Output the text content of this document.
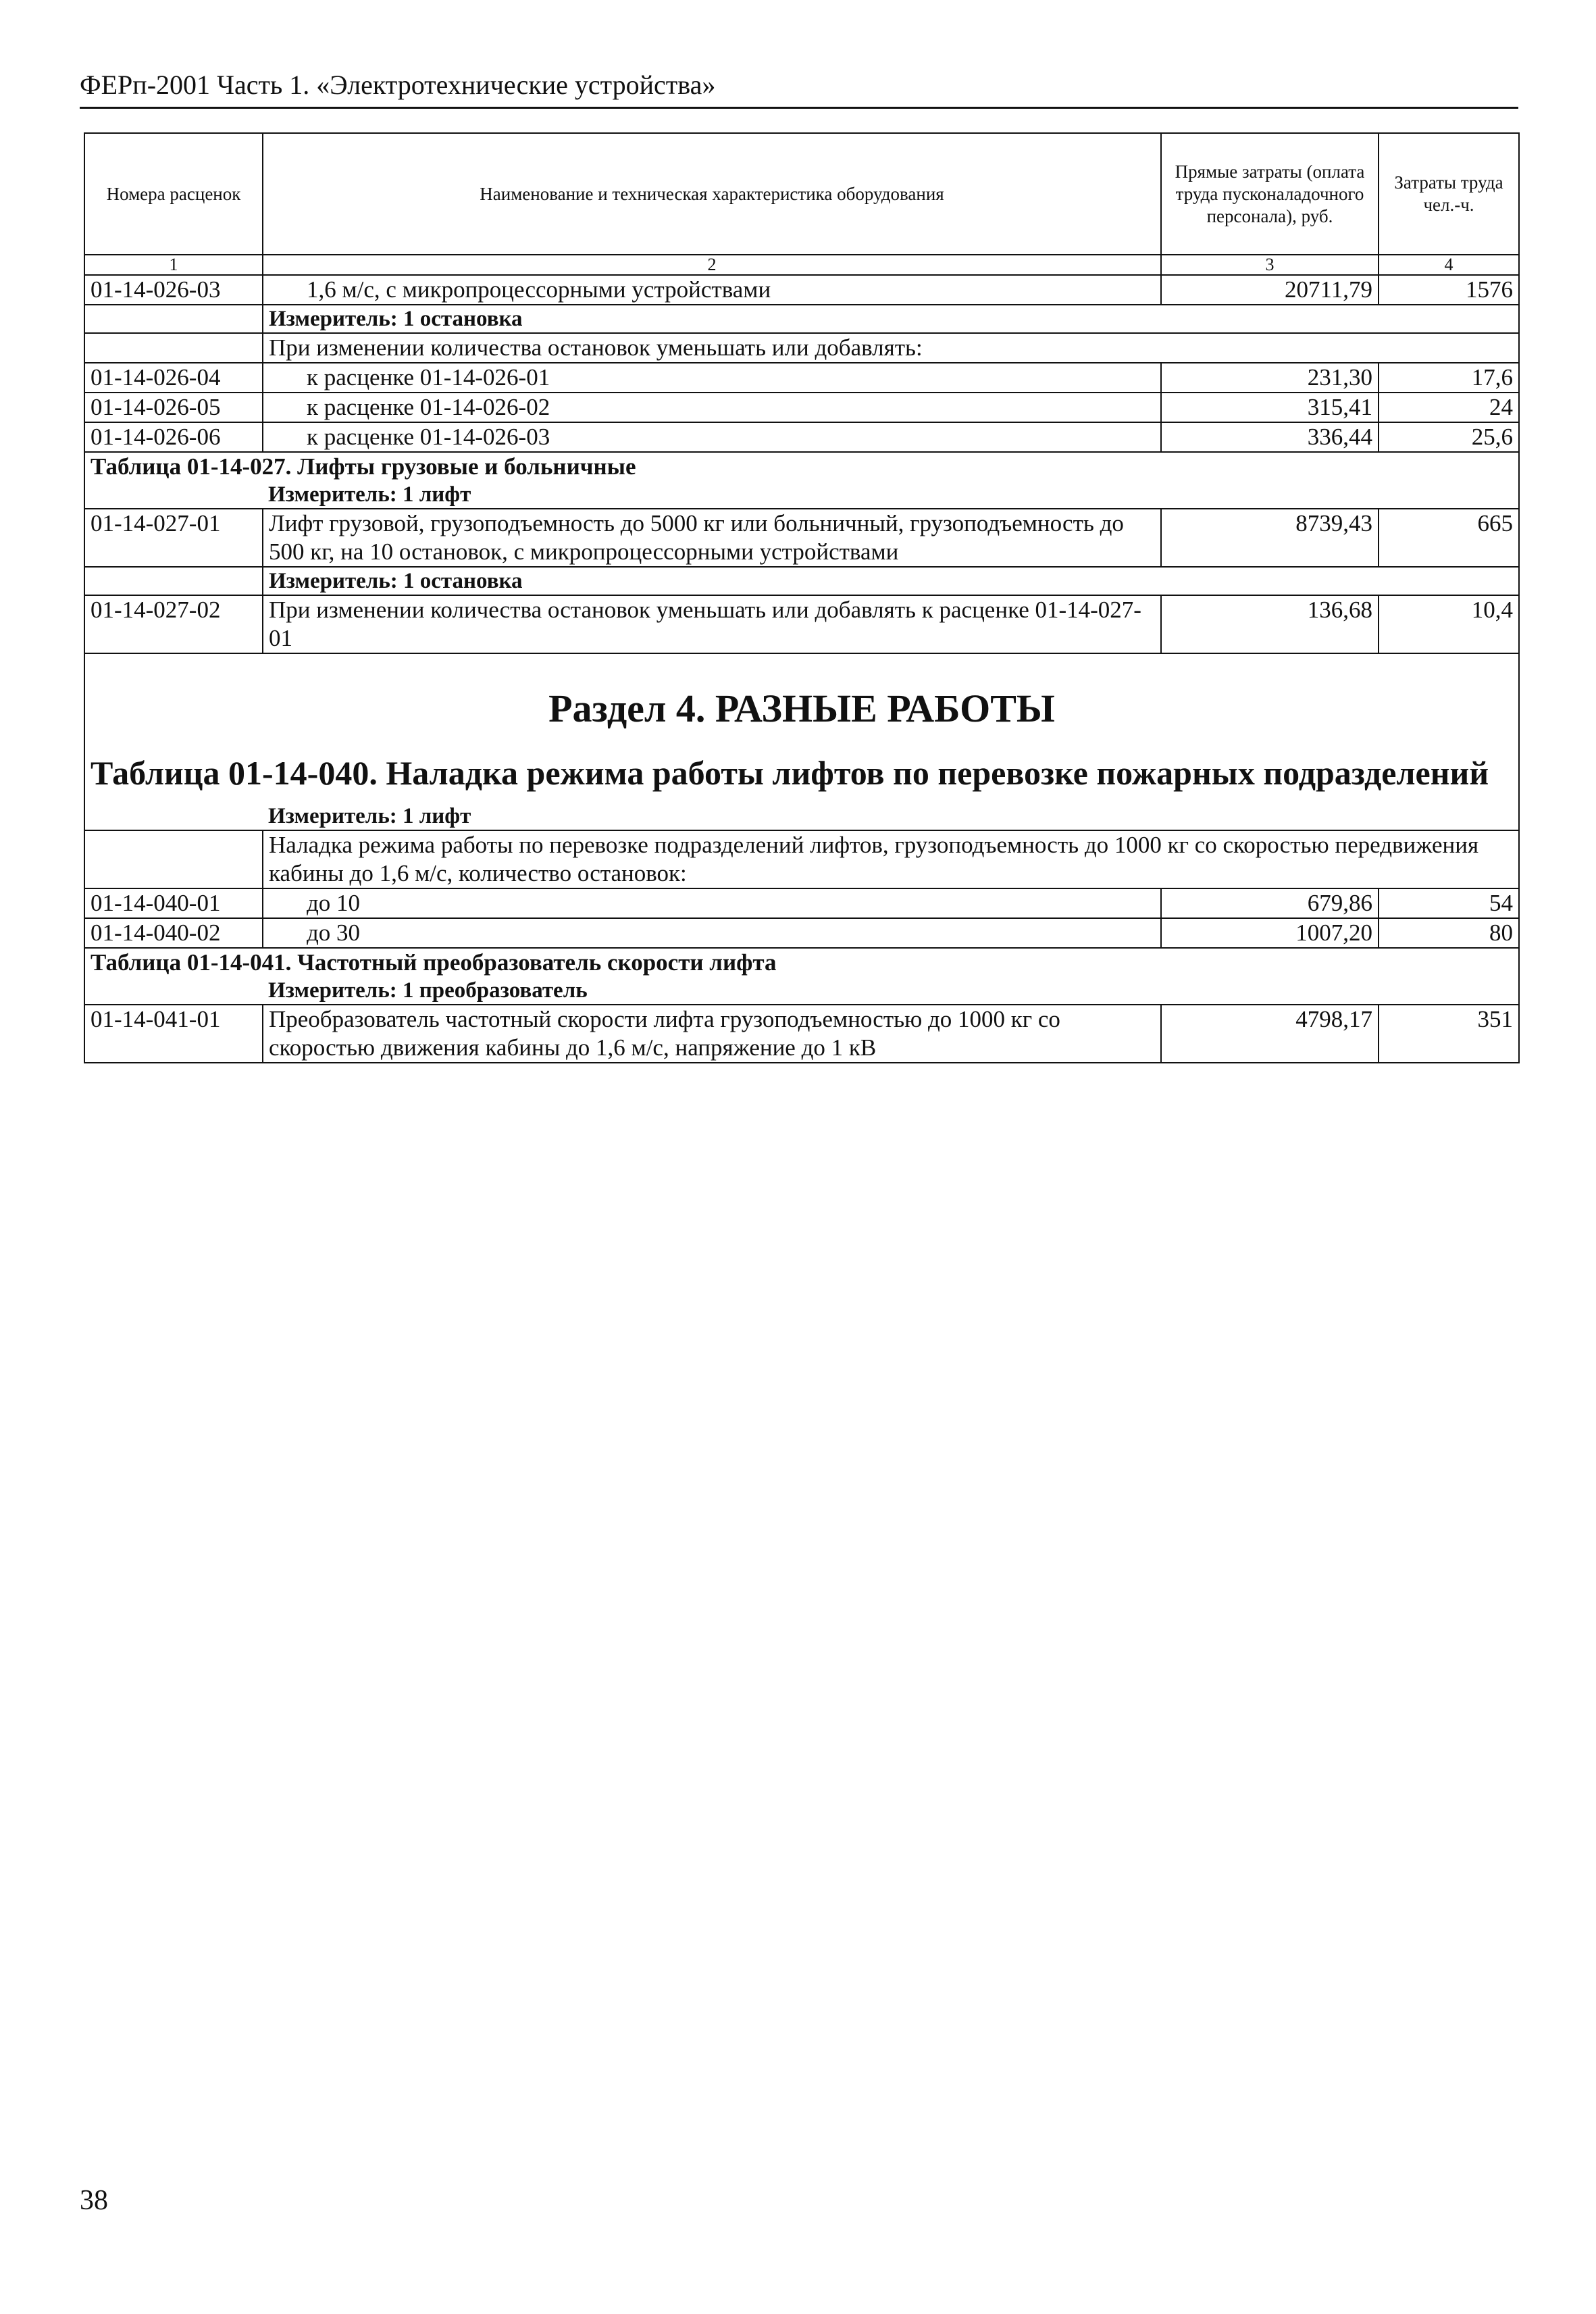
ФЕРп-2001 Часть 1. «Электротехнические устройства»
Номера расценок	Наименование и техническая характеристика оборудования	Прямые затраты (оплата труда пусконаладочного персонала), руб.	Затраты труда чел.-ч.
1	2	3	4
01-14-026-03	1,6 м/с, с микропроцессорными устройствами	20711,79	1576
	Измеритель: 1 остановка		
	При изменении количества остановок уменьшать или добавлять:		
01-14-026-04	к расценке 01-14-026-01	231,30	17,6
01-14-026-05	к расценке 01-14-026-02	315,41	24
01-14-026-06	к расценке 01-14-026-03	336,44	25,6
Таблица 01-14-027. Лифты грузовые и больничные			
	Измеритель: 1 лифт		
01-14-027-01	Лифт грузовой, грузоподъемность до 5000 кг или больничный, грузоподъемность до 500 кг, на 10 остановок, с микропроцессорными устройствами	8739,43	665
	Измеритель: 1 остановка		
01-14-027-02	При изменении количества остановок уменьшать или добавлять к расценке 01-14-027-01	136,68	10,4

Раздел 4. РАЗНЫЕ РАБОТЫ
Таблица 01-14-040. Наладка режима работы лифтов по перевозке пожарных подразделений			

	Измеритель: 1 лифт		
	Наладка режима работы по перевозке подразделений лифтов, грузоподъемность до 1000 кг со скоростью передвижения кабины до 1,6 м/с, количество остановок:		
01-14-040-01	до 10	679,86	54
01-14-040-02	до 30	1007,20	80
Таблица 01-14-041. Частотный преобразователь скорости лифта			
	Измеритель: 1 преобразователь		
01-14-041-01	Преобразователь частотный скорости лифта грузоподъемностью до 1000 кг со скоростью движения кабины до 1,6 м/с, напряжение до 1 кВ	4798,17	351
38
